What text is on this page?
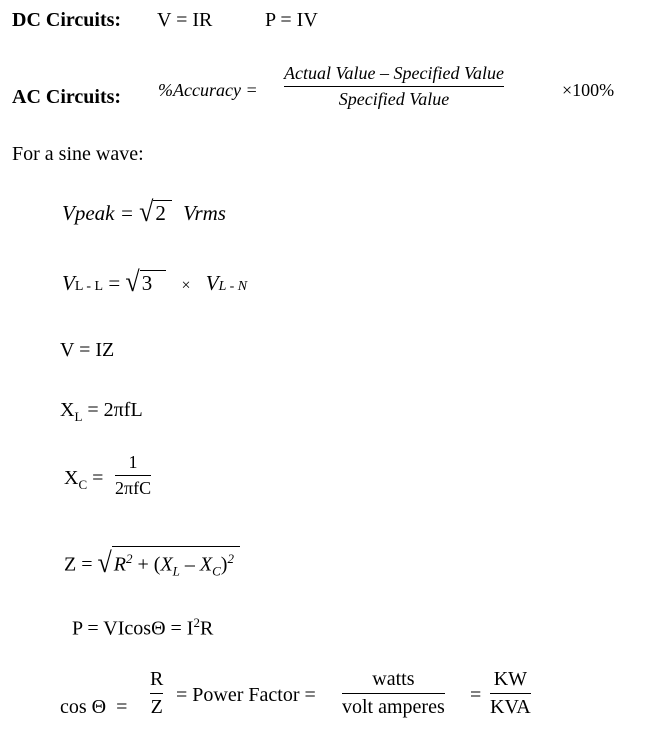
DC Circuits: V = IR	P = IV
AC Circuits: %Accuracy =
Actual Value – Specified Value
Specified Value	×100%
For a sine wave:
Vpeak = √2 Vrms
VL - L = √3 × VL - N
V = IZ
$X_L = 2\pi fL$
$X_C$ =
1
2πfC
Z = √ $R^2 + (X_L - X_C)^2$
$P = VIcos\Theta = I^2R$
cos Θ  =
R
Z
= Power Factor =
watts
volt amperes
=
KW
KVA
